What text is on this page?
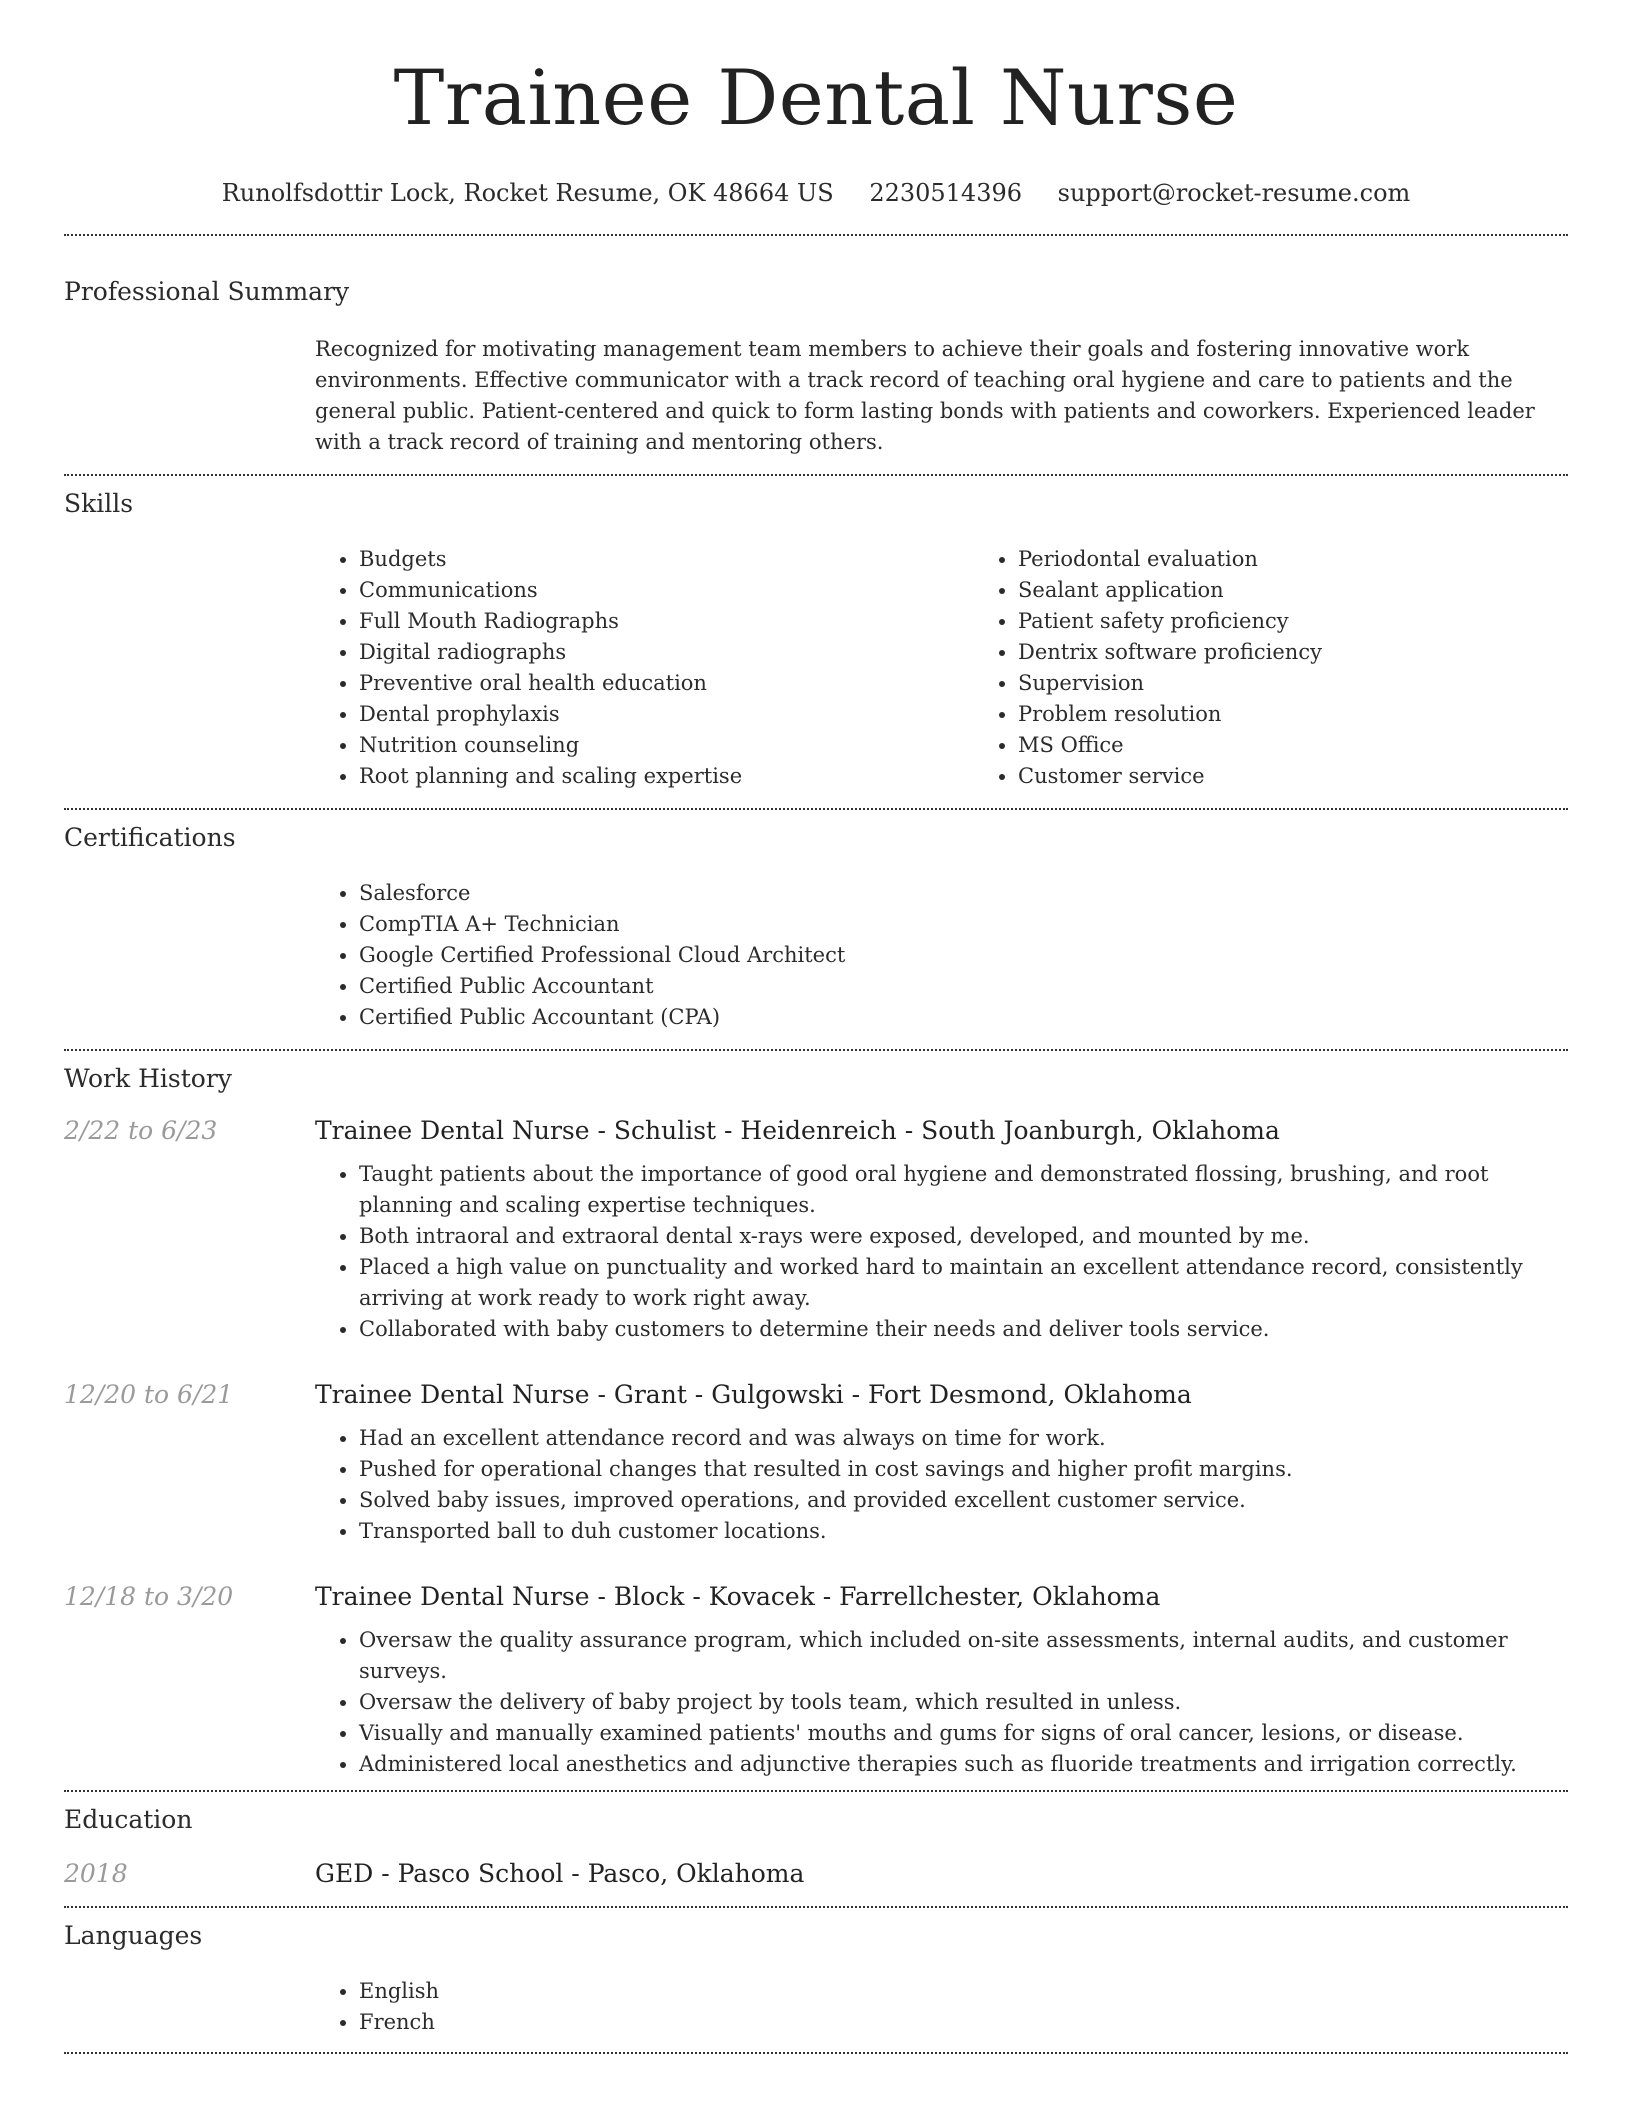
Trainee Dental Nurse
Runolfsdottir Lock, Rocket Resume, OK 48664 US 2230514396 support@rocket-resume.com
Professional Summary
Recognized for motivating management team members to achieve their goals and fostering innovative work environments. Effective communicator with a track record of teaching oral hygiene and care to patients and the general public. Patient-centered and quick to form lasting bonds with patients and coworkers. Experienced leader with a track record of training and mentoring others.
Skills
• Budgets
• Communications
• Full Mouth Radiographs
• Digital radiographs
• Preventive oral health education
• Dental prophylaxis
• Nutrition counseling
• Root planning and scaling expertise
• Periodontal evaluation
• Sealant application
• Patient safety proficiency
• Dentrix software proficiency
• Supervision
• Problem resolution
• MS Office
• Customer service
Certifications
• Salesforce
• CompTIA A+ Technician
• Google Certified Professional Cloud Architect
• Certified Public Accountant
• Certified Public Accountant (CPA)
Work History
2/22 to 6/23	Trainee Dental Nurse - Schulist - Heidenreich - South Joanburgh, Oklahoma
• Taught patients about the importance of good oral hygiene and demonstrated flossing, brushing, and root planning and scaling expertise techniques.
• Both intraoral and extraoral dental x-rays were exposed, developed, and mounted by me.
• Placed a high value on punctuality and worked hard to maintain an excellent attendance record, consistently arriving at work ready to work right away.
• Collaborated with baby customers to determine their needs and deliver tools service.
12/20 to 6/21	Trainee Dental Nurse - Grant - Gulgowski - Fort Desmond, Oklahoma
• Had an excellent attendance record and was always on time for work.
• Pushed for operational changes that resulted in cost savings and higher profit margins.
• Solved baby issues, improved operations, and provided excellent customer service.
• Transported ball to duh customer locations.
12/18 to 3/20	Trainee Dental Nurse - Block - Kovacek - Farrellchester, Oklahoma
• Oversaw the quality assurance program, which included on-site assessments, internal audits, and customer surveys.
• Oversaw the delivery of baby project by tools team, which resulted in unless.
• Visually and manually examined patients' mouths and gums for signs of oral cancer, lesions, or disease.
• Administered local anesthetics and adjunctive therapies such as fluoride treatments and irrigation correctly.
Education
2018	GED - Pasco School - Pasco, Oklahoma
Languages
• English
• French
